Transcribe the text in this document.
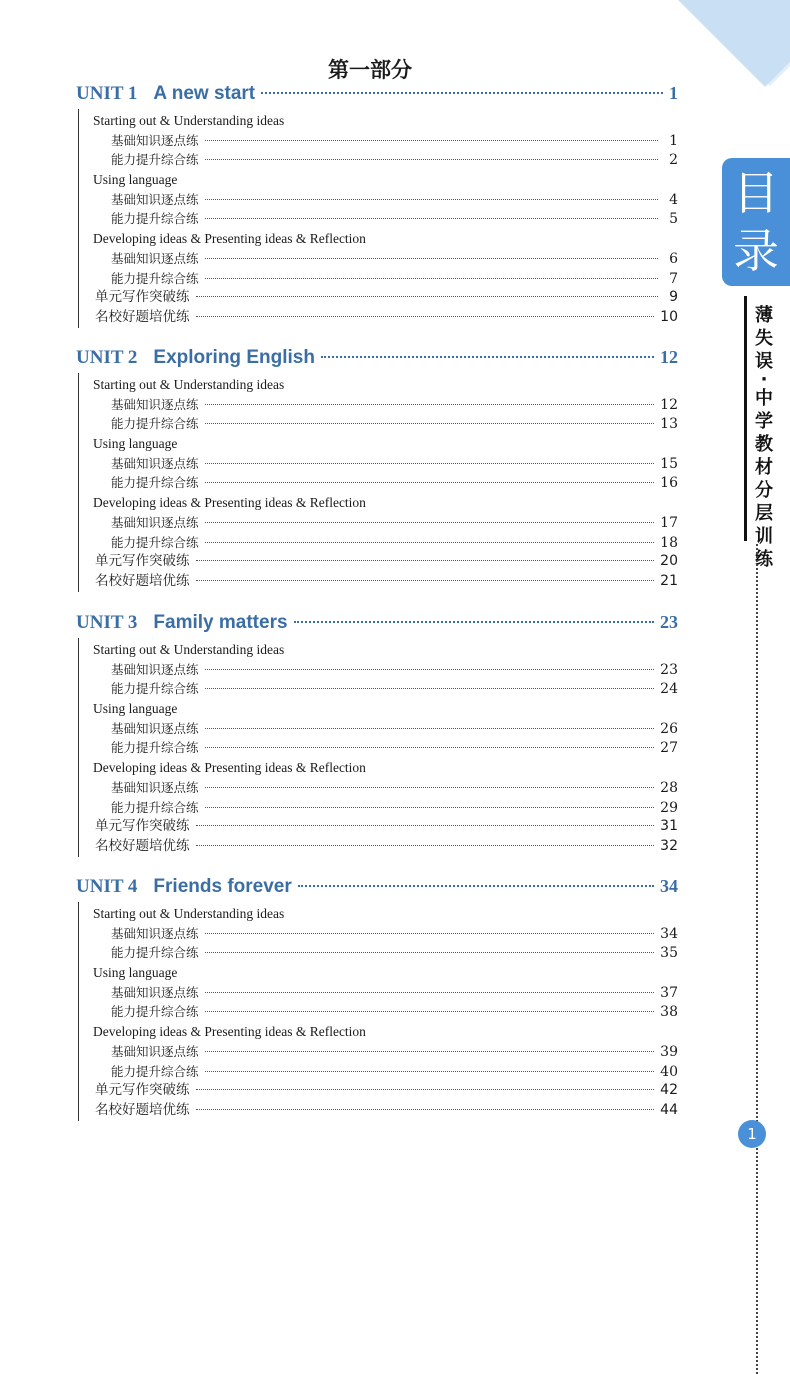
第一部分
目
录
薄
失
误
·
中
学
教
材
分
层
训
练
1
UNIT 1 A new start	1
Starting out & Understanding ideas
基础知识逐点练	1
能力提升综合练	2
Using language
基础知识逐点练	4
能力提升综合练	5
Developing ideas & Presenting ideas & Reflection
基础知识逐点练	6
能力提升综合练	7
单元写作突破练	9
名校好题培优练	10
UNIT 2 Exploring English	12
Starting out & Understanding ideas
基础知识逐点练	12
能力提升综合练	13
Using language
基础知识逐点练	15
能力提升综合练	16
Developing ideas & Presenting ideas & Reflection
基础知识逐点练	17
能力提升综合练	18
单元写作突破练	20
名校好题培优练	21
UNIT 3 Family matters	23
Starting out & Understanding ideas
基础知识逐点练	23
能力提升综合练	24
Using language
基础知识逐点练	26
能力提升综合练	27
Developing ideas & Presenting ideas & Reflection
基础知识逐点练	28
能力提升综合练	29
单元写作突破练	31
名校好题培优练	32
UNIT 4 Friends forever	34
Starting out & Understanding ideas
基础知识逐点练	34
能力提升综合练	35
Using language
基础知识逐点练	37
能力提升综合练	38
Developing ideas & Presenting ideas & Reflection
基础知识逐点练	39
能力提升综合练	40
单元写作突破练	42
名校好题培优练	44
